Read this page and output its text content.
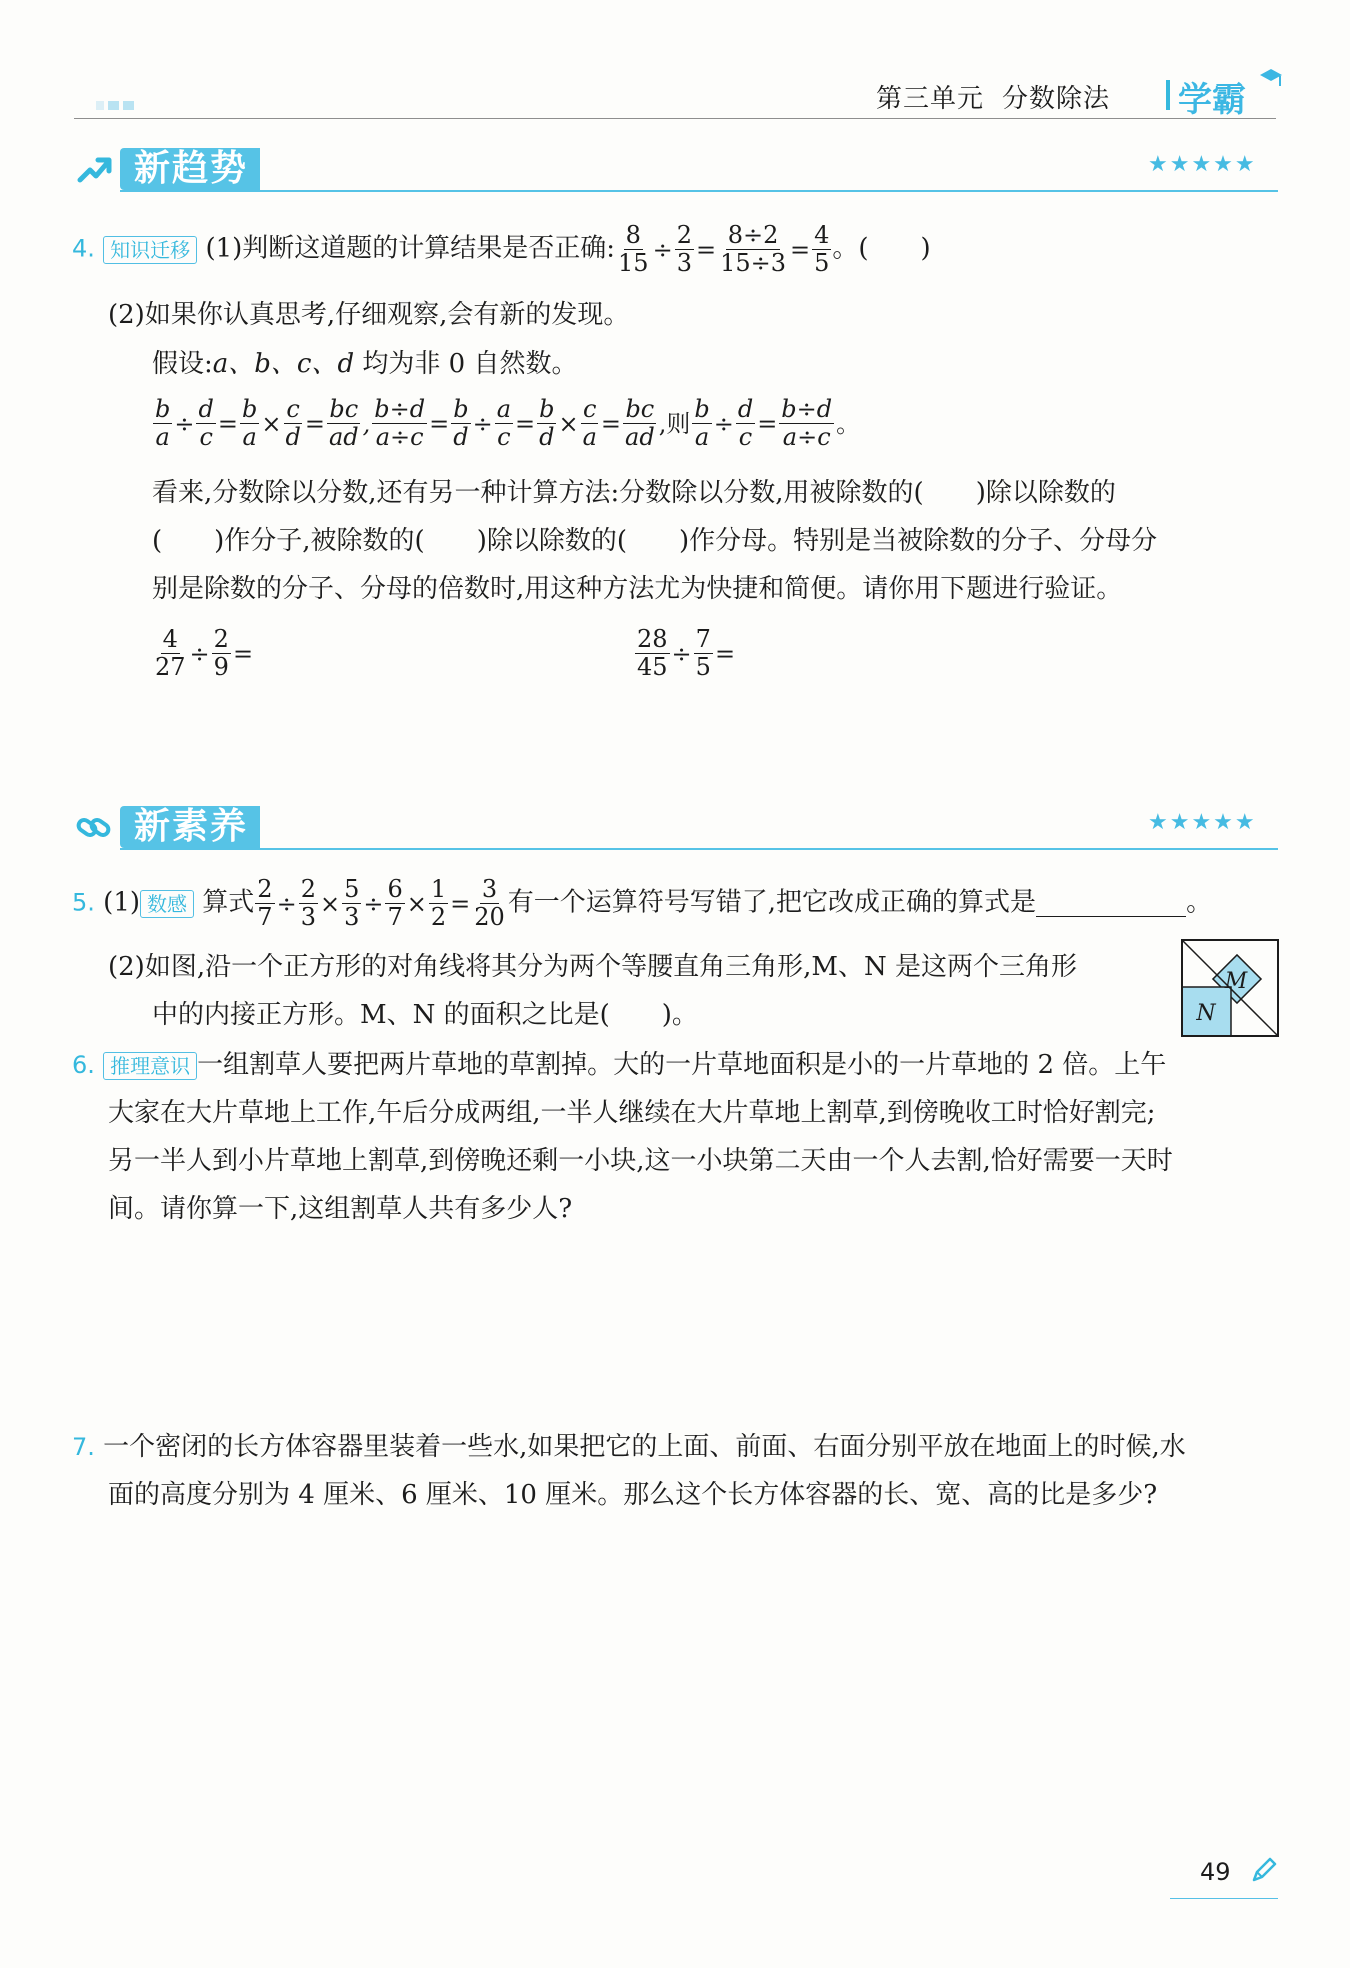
第三单元 分数除法 学霸
新趋势	★★★★★
4. 知识迁移 (1)判断这道题的计算结果是否正确: $\frac{8}{15} \div \frac{2}{3} = \frac{8\div 2}{15\div 3} = \frac{4}{5}$ 。(　　)
(2)如果你认真思考,仔细观察,会有新的发现。
假设:a、b、c、d 均为非 0 自然数。
$\frac{b}{a} \div \frac{d}{c} = \frac{b}{a} \times \frac{c}{d} = \frac{bc}{ad}$ , $\frac{b\div d}{a\div c} = \frac{b}{d} \div \frac{a}{c} = \frac{b}{d} \times \frac{c}{a} = \frac{bc}{ad}$ ,则 $\frac{b}{a} \div \frac{d}{c} = \frac{b\div d}{a\div c}$ 。
看来,分数除以分数,还有另一种计算方法:分数除以分数,用被除数的(　　)除以除数的
(　　)作分子,被除数的(　　)除以除数的(　　)作分母。特别是当被除数的分子、分母分
别是除数的分子、分母的倍数时,用这种方法尤为快捷和简便。请你用下题进行验证。
$\frac{4}{27} \div \frac{2}{9}$ =	$\frac{28}{45} \div \frac{7}{5}$ =
新素养	★★★★★
5. (1) 数感 算式 $\frac{2}{7} \div \frac{2}{3} \times \frac{5}{3} \div \frac{6}{7} \times \frac{1}{2} = \frac{3}{20}$ 有一个运算符号写错了,把它改成正确的算式是	。
(2)如图,沿一个正方形的对角线将其分为两个等腰直角三角形,M、N 是这两个三角形
中的内接正方形。M、N 的面积之比是(　　)。
M
N
6. 推理意识 一组割草人要把两片草地的草割掉。大的一片草地面积是小的一片草地的 2 倍。上午
大家在大片草地上工作,午后分成两组,一半人继续在大片草地上割草,到傍晚收工时恰好割完;
另一半人到小片草地上割草,到傍晚还剩一小块,这一小块第二天由一个人去割,恰好需要一天时
间。请你算一下,这组割草人共有多少人?
7. 一个密闭的长方体容器里装着一些水,如果把它的上面、前面、右面分别平放在地面上的时候,水
面的高度分别为 4 厘米、6 厘米、10 厘米。那么这个长方体容器的长、宽、高的比是多少?
49
